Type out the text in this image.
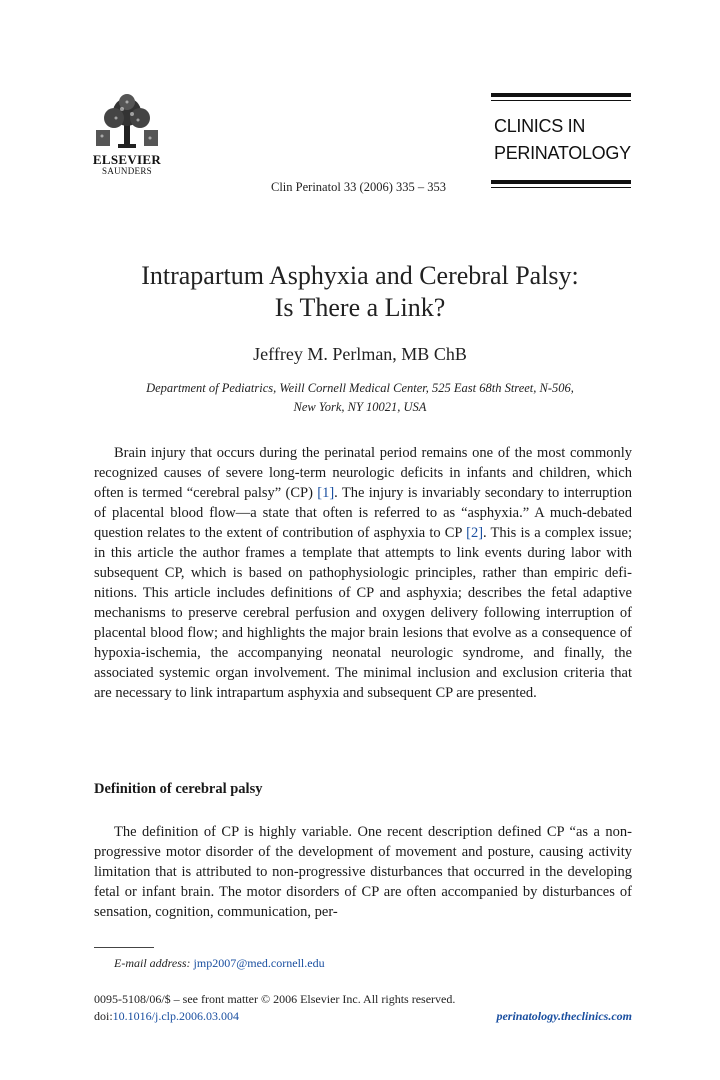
ELSEVIER
SAUNDERS
CLINICS IN
PERINATOLOGY
Clin Perinatol 33 (2006) 335 – 353
Intrapartum Asphyxia and Cerebral Palsy:
Is There a Link?
Jeffrey M. Perlman, MB ChB
Department of Pediatrics, Weill Cornell Medical Center, 525 East 68th Street, N-506,
New York, NY 10021, USA

Brain injury that occurs during the perinatal period remains one of the most commonly recognized causes of severe long-term neurologic deficits in infants and children, which often is termed “cerebral palsy” (CP) [1]. The injury is invariably secondary to interruption of placental blood flow—a state that often is referred to as “asphyxia.” A much-debated question relates to the extent of contribution of asphyxia to CP [2]. This is a complex issue; in this article the author frames a template that attempts to link events during labor with subsequent CP, which is based on pathophysiologic principles, rather than empiric definitions. This article includes definitions of CP and asphyxia; describes the fetal adaptive mechanisms to preserve cerebral perfusion and oxygen delivery following interruption of placental blood flow; and highlights the major brain lesions that evolve as a consequence of hypoxia-ischemia, the accompanying neonatal neurologic syndrome, and finally, the associated systemic organ involvement. The minimal inclusion and exclusion criteria that are necessary to link intrapartum asphyxia and subsequent CP are presented.

Definition of cerebral palsy

The definition of CP is highly variable. One recent description defined CP “as a non-progressive motor disorder of the development of movement and posture, causing activity limitation that is attributed to non-progressive disturbances that occurred in the developing fetal or infant brain. The motor disorders of CP are often accompanied by disturbances of sensation, cognition, communication, per-

E-mail address: jmp2007@med.cornell.edu
0095-5108/06/$ – see front matter © 2006 Elsevier Inc. All rights reserved.
doi:10.1016/j.clp.2006.03.004	perinatology.theclinics.com
